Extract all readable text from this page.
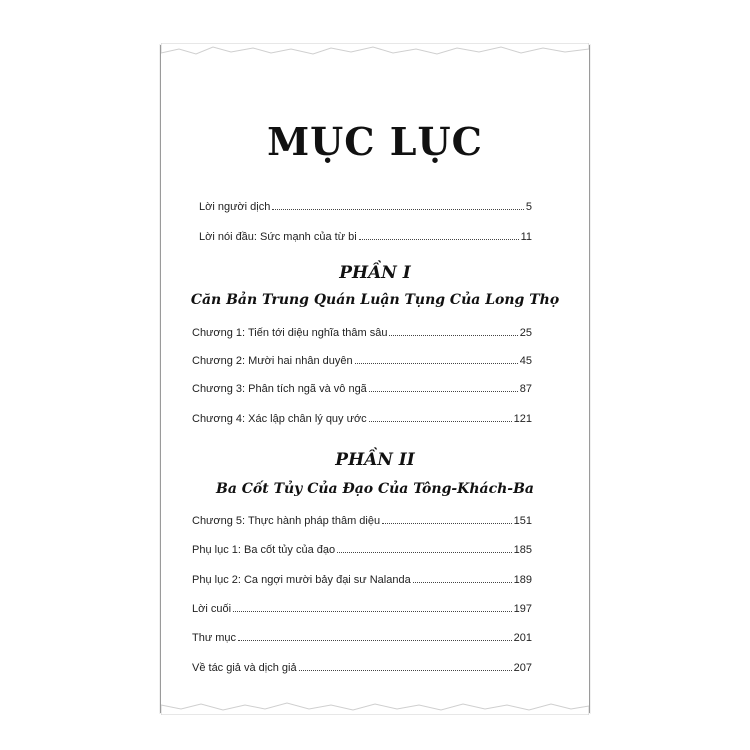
MỤC LỤC
Lời người dịch	5
Lời nói đầu: Sức mạnh của từ bi	11
PHẦN I
Căn Bản Trung Quán Luận Tụng Của Long Thọ
Chương 1: Tiến tới diệu nghĩa thâm sâu	25
Chương 2: Mười hai nhân duyên	45
Chương 3: Phân tích ngã và vô ngã	87
Chương 4: Xác lập chân lý quy ước	121
PHẦN II
Ba Cốt Tủy Của Đạo Của Tông-Khách-Ba
Chương 5: Thực hành pháp thâm diệu	151
Phụ lục 1: Ba cốt tủy của đạo	185
Phụ lục 2: Ca ngợi mười bảy đại sư Nalanda	189
Lời cuối	197
Thư mục	201
Về tác giả và dịch giả	207
